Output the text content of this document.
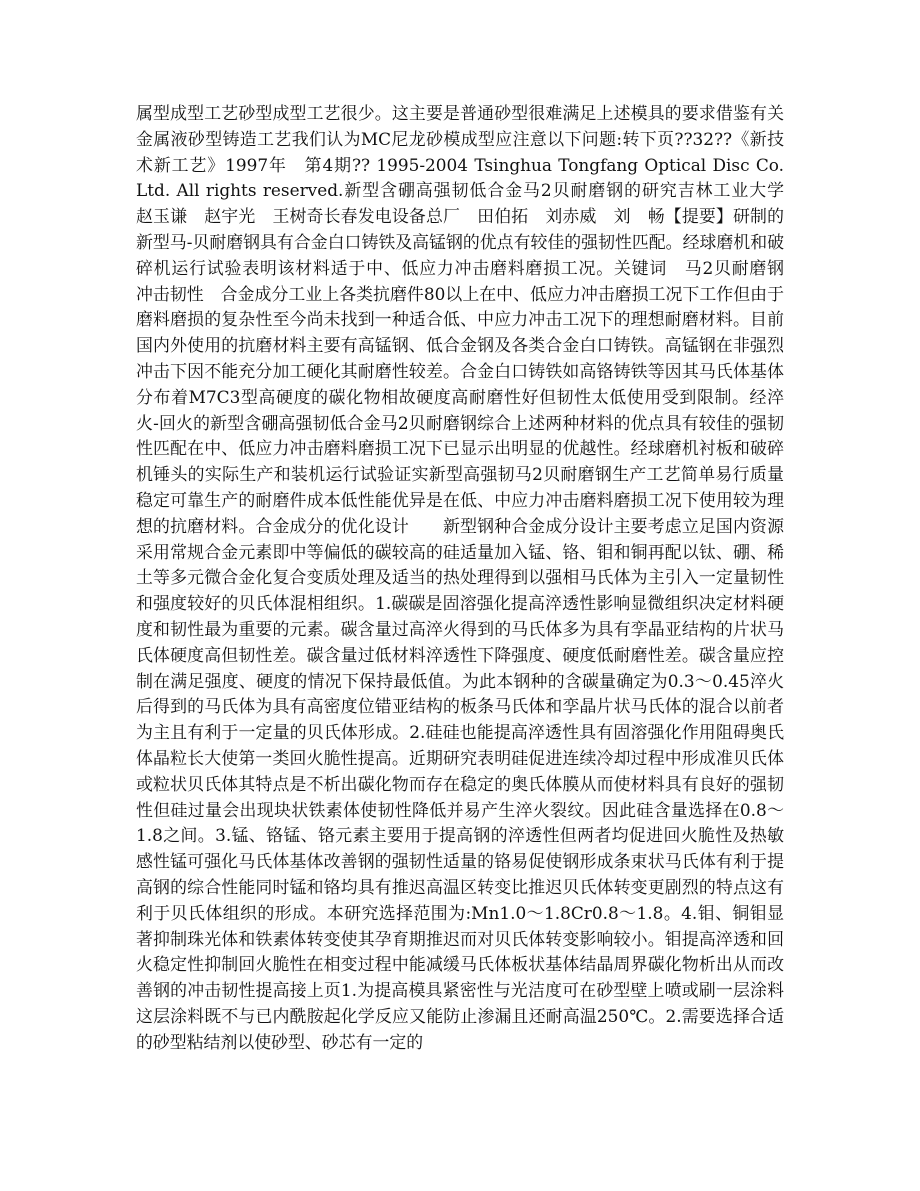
属型成型工艺砂型成型工艺很少。这主要是普通砂型很难满足上述模具的要求借鉴有关金属液砂型铸造工艺我们认为MC尼龙砂模成型应注意以下问题:转下页??32??《新技术新工艺》1997年　第4期?? 1995-2004 Tsinghua Tongfang Optical Disc Co. Ltd. All rights reserved.新型含硼高强韧低合金马2贝耐磨钢的研究吉林工业大学　赵玉谦　赵宇光　王树奇长春发电设备总厂　田伯拓　刘赤威　刘　畅【提要】研制的新型马-贝耐磨钢具有合金白口铸铁及高锰钢的优点有较佳的强韧性匹配。经球磨机和破碎机运行试验表明该材料适于中、低应力冲击磨料磨损工况。关键词　马2贝耐磨钢　冲击韧性　合金成分工业上各类抗磨件80以上在中、低应力冲击磨损工况下工作但由于磨料磨损的复杂性至今尚未找到一种适合低、中应力冲击工况下的理想耐磨材料。目前国内外使用的抗磨材料主要有高锰钢、低合金钢及各类合金白口铸铁。高锰钢在非强烈冲击下因不能充分加工硬化其耐磨性较差。合金白口铸铁如高铬铸铁等因其马氏体基体分布着M7C3型高硬度的碳化物相故硬度高耐磨性好但韧性太低使用受到限制。经淬火-回火的新型含硼高强韧低合金马2贝耐磨钢综合上述两种材料的优点具有较佳的强韧性匹配在中、低应力冲击磨料磨损工况下已显示出明显的优越性。经球磨机衬板和破碎机锤头的实际生产和装机运行试验证实新型高强韧马2贝耐磨钢生产工艺简单易行质量稳定可靠生产的耐磨件成本低性能优异是在低、中应力冲击磨料磨损工况下使用较为理想的抗磨材料。合金成分的优化设计　　新型钢种合金成分设计主要考虑立足国内资源采用常规合金元素即中等偏低的碳较高的硅适量加入锰、铬、钼和铜再配以钛、硼、稀土等多元微合金化复合变质处理及适当的热处理得到以强相马氏体为主引入一定量韧性和强度较好的贝氏体混相组织。1.碳碳是固溶强化提高淬透性影响显微组织决定材料硬度和韧性最为重要的元素。碳含量过高淬火得到的马氏体多为具有孪晶亚结构的片状马氏体硬度高但韧性差。碳含量过低材料淬透性下降强度、硬度低耐磨性差。碳含量应控制在满足强度、硬度的情况下保持最低值。为此本钢种的含碳量确定为0.3～0.45淬火后得到的马氏体为具有高密度位错亚结构的板条马氏体和孪晶片状马氏体的混合以前者为主且有利于一定量的贝氏体形成。2.硅硅也能提高淬透性具有固溶强化作用阻碍奥氏体晶粒长大使第一类回火脆性提高。近期研究表明硅促进连续冷却过程中形成准贝氏体或粒状贝氏体其特点是不析出碳化物而存在稳定的奥氏体膜从而使材料具有良好的强韧性但硅过量会出现块状铁素体使韧性降低并易产生淬火裂纹。因此硅含量选择在0.8～1.8之间。3.锰、铬锰、铬元素主要用于提高钢的淬透性但两者均促进回火脆性及热敏感性锰可强化马氏体基体改善钢的强韧性适量的铬易促使钢形成条束状马氏体有利于提高钢的综合性能同时锰和铬均具有推迟高温区转变比推迟贝氏体转变更剧烈的特点这有利于贝氏体组织的形成。本研究选择范围为:Mn1.0～1.8Cr0.8～1.8。4.钼、铜钼显著抑制珠光体和铁素体转变使其孕育期推迟而对贝氏体转变影响较小。钼提高淬透和回火稳定性抑制回火脆性在相变过程中能减缓马氏体板状基体结晶周界碳化物析出从而改善钢的冲击韧性提高接上页1.为提高模具紧密性与光洁度可在砂型壁上喷或刷一层涂料这层涂料既不与已内酰胺起化学反应又能防止渗漏且还耐高温250℃。2.需要选择合适的砂型粘结剂以使砂型、砂芯有一定的
